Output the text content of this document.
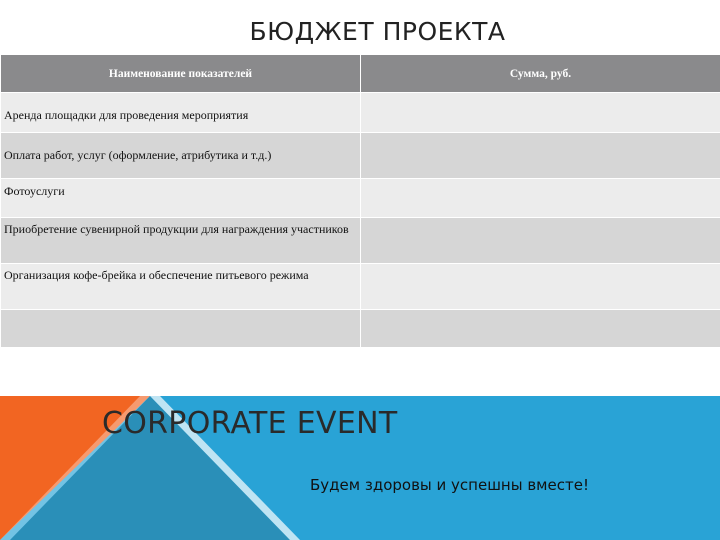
БЮДЖЕТ ПРОЕКТА
Наименование показателей	Сумма, руб.
Аренда площадки для проведения мероприятия	
Оплата работ, услуг (оформление, атрибутика и т.д.)	
Фотоуслуги	
Приобретение сувенирной продукции для награждения участников	
Организация кофе-брейка и обеспечение питьевого режима	

CORPORATE EVENT
Будем здоровы и успешны вместе!
